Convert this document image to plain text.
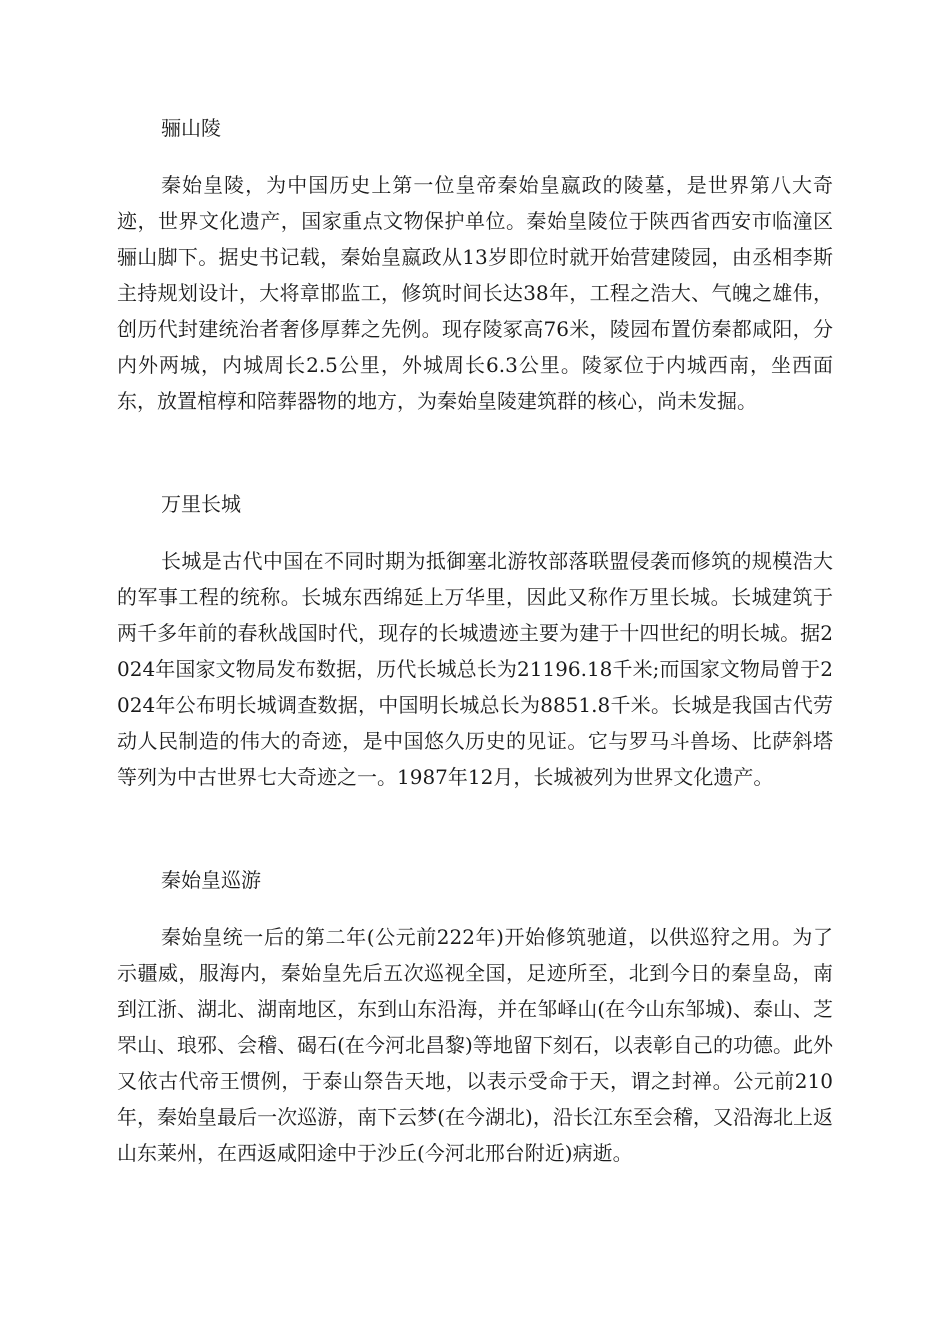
骊山陵

秦始皇陵，为中国历史上第一位皇帝秦始皇嬴政的陵墓，是世界第八大奇迹，世界文化遗产，国家重点文物保护单位。秦始皇陵位于陕西省西安市临潼区骊山脚下。据史书记载，秦始皇嬴政从13岁即位时就开始营建陵园，由丞相李斯主持规划设计，大将章邯监工，修筑时间长达38年，工程之浩大、气魄之雄伟，创历代封建统治者奢侈厚葬之先例。现存陵冢高76米，陵园布置仿秦都咸阳，分内外两城，内城周长2.5公里，外城周长6.3公里。陵冢位于内城西南，坐西面东，放置棺椁和陪葬器物的地方，为秦始皇陵建筑群的核心，尚未发掘。

万里长城

长城是古代中国在不同时期为抵御塞北游牧部落联盟侵袭而修筑的规模浩大的军事工程的统称。长城东西绵延上万华里，因此又称作万里长城。长城建筑于两千多年前的春秋战国时代，现存的长城遗迹主要为建于十四世纪的明长城。据2024年国家文物局发布数据，历代长城总长为21196.18千米;而国家文物局曾于2024年公布明长城调查数据，中国明长城总长为8851.8千米。长城是我国古代劳动人民制造的伟大的奇迹，是中国悠久历史的见证。它与罗马斗兽场、比萨斜塔等列为中古世界七大奇迹之一。1987年12月，长城被列为世界文化遗产。

秦始皇巡游

秦始皇统一后的第二年(公元前222年)开始修筑驰道，以供巡狩之用。为了示疆威，服海内，秦始皇先后五次巡视全国，足迹所至，北到今日的秦皇岛，南到江浙、湖北、湖南地区，东到山东沿海，并在邹峄山(在今山东邹城)、泰山、芝罘山、琅邪、会稽、碣石(在今河北昌黎)等地留下刻石，以表彰自己的功德。此外又依古代帝王惯例，于泰山祭告天地，以表示受命于天，谓之封禅。公元前210年，秦始皇最后一次巡游，南下云梦(在今湖北)，沿长江东至会稽，又沿海北上返山东莱州，在西返咸阳途中于沙丘(今河北邢台附近)病逝。
